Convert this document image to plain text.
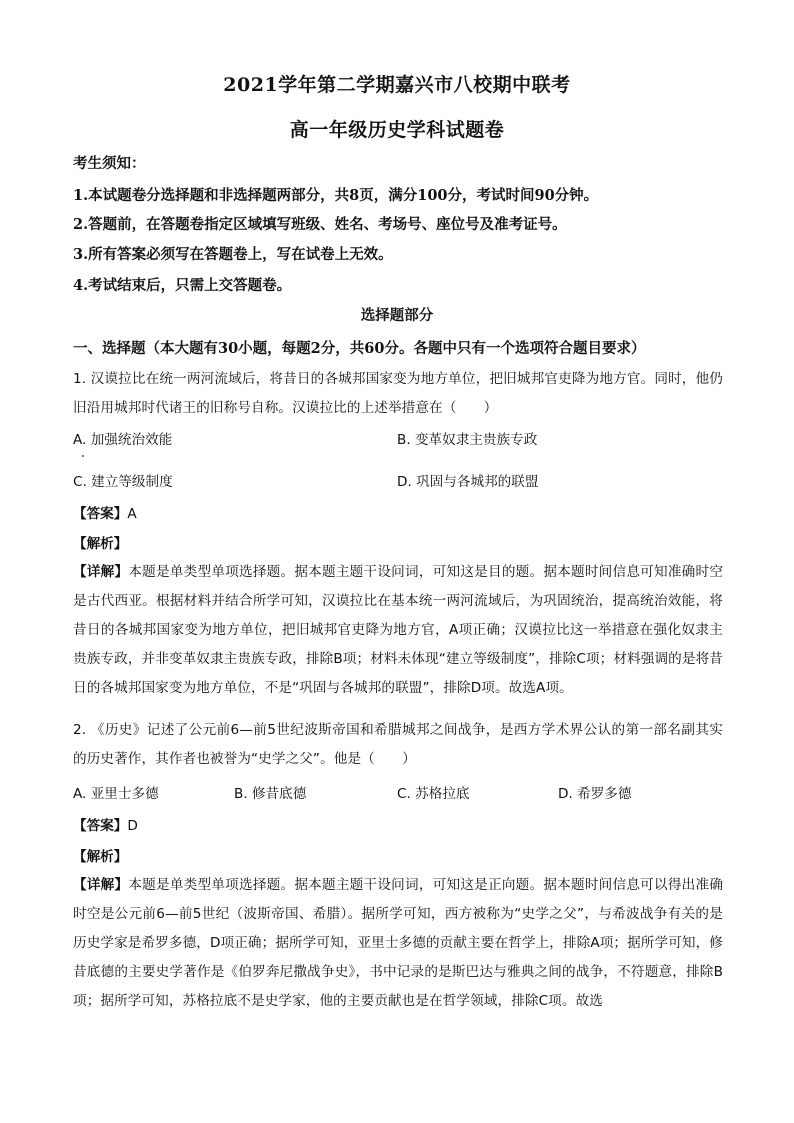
2021学年第二学期嘉兴市八校期中联考
高一年级历史学科试题卷
考生须知：
1.本试题卷分选择题和非选择题两部分，共8页，满分100分，考试时间90分钟。
2.答题前，在答题卷指定区域填写班级、姓名、考场号、座位号及准考证号。
3.所有答案必须写在答题卷上，写在试卷上无效。
4.考试结束后，只需上交答题卷。
选择题部分
一、选择题（本大题有30小题，每题2分，共60分。各题中只有一个选项符合题目要求）
1. 汉谟拉比在统一两河流域后，将昔日的各城邦国家变为地方单位，把旧城邦官吏降为地方官。同时，他仍旧沿用城邦时代诸王的旧称号自称。汉谟拉比的上述举措意在（　　）
A. 加强统治效能	B. 变革奴隶主贵族专政
C. 建立等级制度	D. 巩固与各城邦的联盟
【答案】A
【解析】
【详解】本题是单类型单项选择题。据本题主题干设问词，可知这是目的题。据本题时间信息可知准确时空是古代西亚。根据材料并结合所学可知，汉谟拉比在基本统一两河流域后，为巩固统治，提高统治效能，将昔日的各城邦国家变为地方单位，把旧城邦官吏降为地方官，A项正确；汉谟拉比这一举措意在强化奴隶主贵族专政，并非变革奴隶主贵族专政，排除B项；材料未体现“建立等级制度”，排除C项；材料强调的是将昔日的各城邦国家变为地方单位，不是“巩固与各城邦的联盟”，排除D项。故选A项。
2. 《历史》记述了公元前6—前5世纪波斯帝国和希腊城邦之间战争，是西方学术界公认的第一部名副其实的历史著作，其作者也被誉为“史学之父”。他是（　　）
A. 亚里士多德	B. 修昔底德	C. 苏格拉底	D. 希罗多德
【答案】D
【解析】
【详解】本题是单类型单项选择题。据本题主题干设问词，可知这是正向题。据本题时间信息可以得出准确时空是公元前6—前5世纪（波斯帝国、希腊）。据所学可知，西方被称为“史学之父”，与希波战争有关的是历史学家是希罗多德，D项正确；据所学可知，亚里士多德的贡献主要在哲学上，排除A项；据所学可知，修昔底德的主要史学著作是《伯罗奔尼撒战争史》，书中记录的是斯巴达与雅典之间的战争，不符题意，排除B项；据所学可知，苏格拉底不是史学家，他的主要贡献也是在哲学领域，排除C项。故选
